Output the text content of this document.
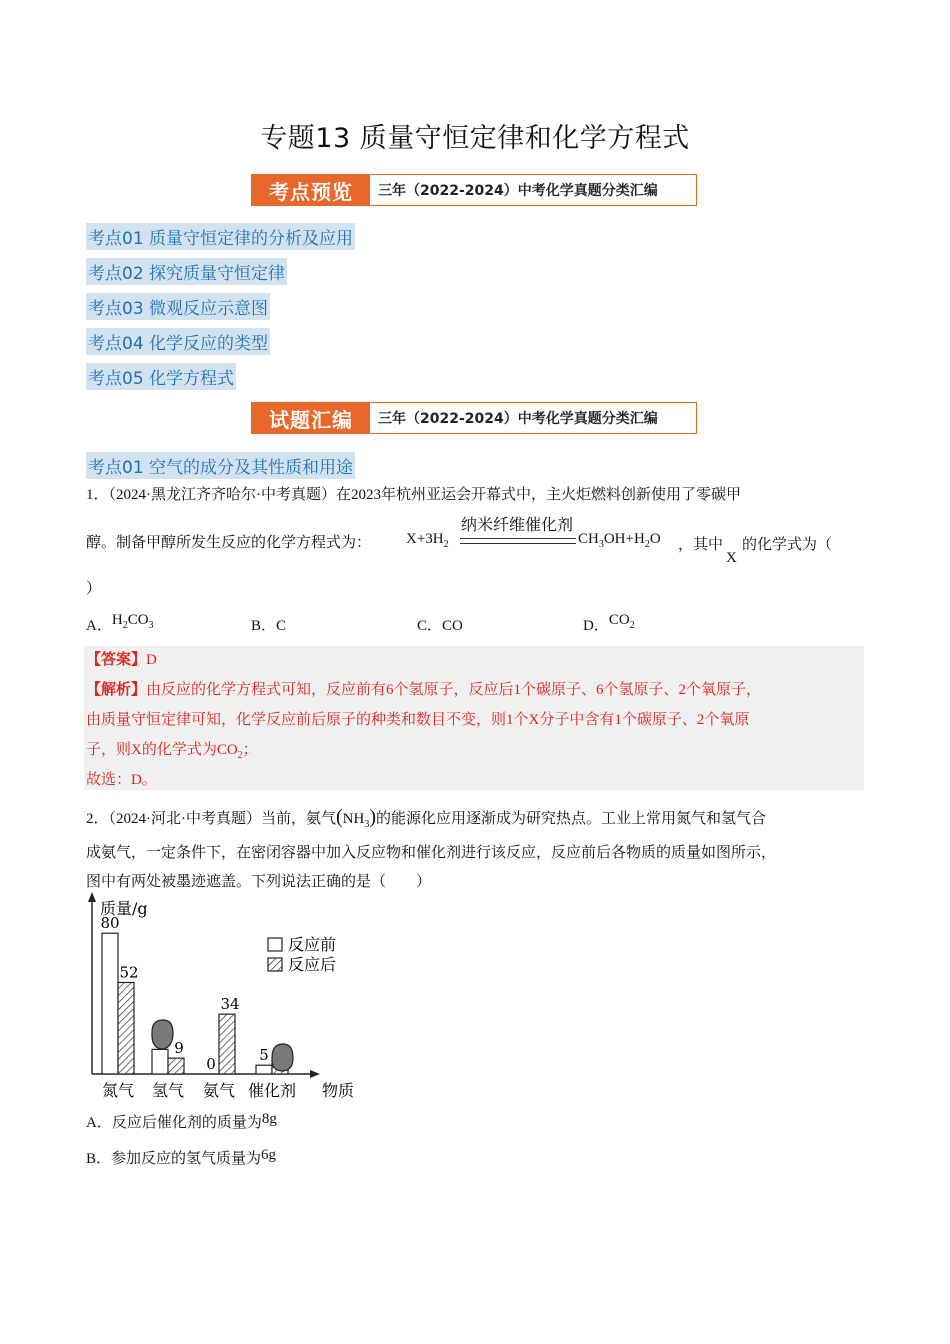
专题13 质量守恒定律和化学方程式
考点预览	三年（2022-2024）中考化学真题分类汇编
考点01 质量守恒定律的分析及应用
考点02 探究质量守恒定律
考点03 微观反应示意图
考点04 化学反应的类型
考点05 化学方程式
试题汇编	三年（2022-2024）中考化学真题分类汇编
考点01 空气的成分及其性质和用途
1．（2024·黑龙江齐齐哈尔·中考真题）在2023年杭州亚运会开幕式中，主火炬燃料创新使用了零碳甲
醇。制备甲醇所发生反应的化学方程式为：	$X+3H_2$
纳米纤维催化剂
$CH_3OH+H_2O$ ，其中
X
的化学式为（
）
A．$H_2CO_3$	B．C	C．CO	D．$CO_2$
【答案】D
【解析】由反应的化学方程式可知，反应前有6个氢原子，反应后1个碳原子、6个氢原子、2个氧原子，
由质量守恒定律可知，化学反应前后原子的种类和数目不变，则1个X分子中含有1个碳原子、2个氧原
子，则X的化学式为$CO_2$；
故选：D。
2．（2024·河北·中考真题）当前，氨气$(NH_3)$的能源化应用逐渐成为研究热点。工业上常用氮气和氢气合
成氨气，一定条件下，在密闭容器中加入反应物和催化剂进行该反应，反应前后各物质的质量如图所示，
图中有两处被墨迹遮盖。下列说法正确的是（　　）
质量/g
物质
氮气 氢气 氨气 催化剂
80
52
9
0
34
5
反应前
反应后
A．反应后催化剂的质量为8g
B．参加反应的氢气质量为6g
